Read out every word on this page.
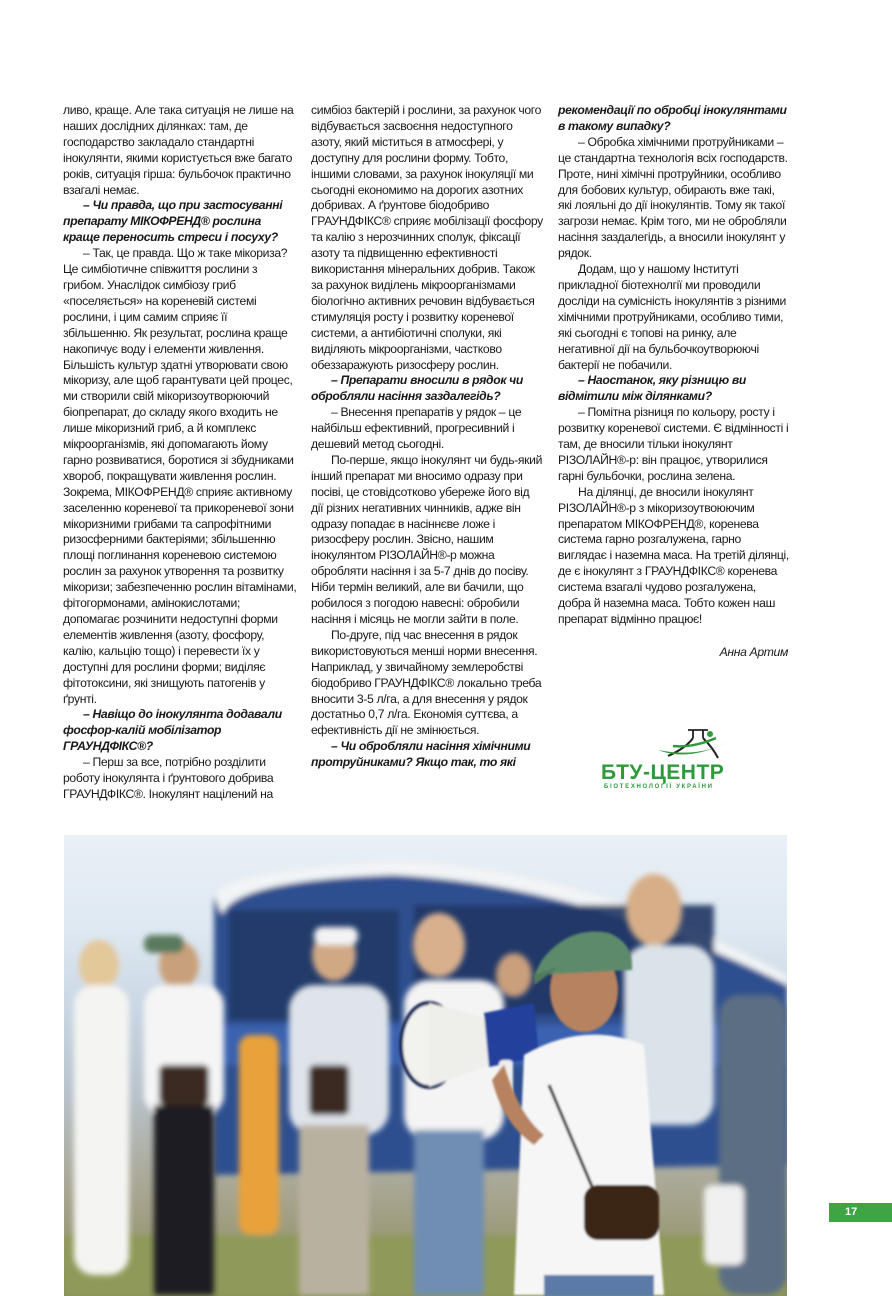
ливо, краще. Але така ситуація не лише на наших дослідних ділянках: там, де господарство закладало стандартні інокулянти, якими користується вже багато років, ситуація гірша: бульбочок практично взагалі немає.

– Чи правда, що при застосуванні препарату МІКОФРЕНД® рослина краще переносить стреси і посуху?

– Так, це правда. Що ж таке мікориза? Це симбіотичне співжиття рослини з грибом. Унаслідок симбіозу гриб «поселяється» на кореневій системі рослини, і цим самим сприяє її збільшенню. Як результат, рослина краще накопичує воду і елементи живлення. Більшість культур здатні утворювати свою мікоризу, але щоб гарантувати цей процес, ми створили свій мікоризоутворюючий біопрепарат, до складу якого входить не лише мікоризний гриб, а й комплекс мікроорганізмів, які допомагають йому гарно розвиватися, боротися зі збудниками хвороб, покращувати живлення рослин. Зокрема, МІКОФРЕНД® сприяє активному заселенню кореневої та прикореневої зони мікоризними грибами та сапрофітними ризосферними бактеріями; збільшенню площі поглинання кореневою системою рослин за рахунок утворення та розвитку мікоризи; забезпеченню рослин вітамінами, фітогормонами, амінокислотами; допомагає розчинити недоступні форми елементів живлення (азоту, фосфору, калію, кальцію тощо) і перевести їх у доступні для рослини форми; виділяє фітотоксини, які знищують патогенів у ґрунті.

– Навіщо до інокулянта додавали фосфор-калій мобілізатор ГРАУНДФІКС®?

– Перш за все, потрібно розділити роботу інокулянта і ґрунтового добрива ГРАУНДФІКС®. Інокулянт націлений на

симбіоз бактерій і рослини, за рахунок чого відбувається засвоєння недоступного азоту, який міститься в атмосфері, у доступну для рослини форму. Тобто, іншими словами, за рахунок інокуляції ми сьогодні економимо на дорогих азотних добривах. А ґрунтове біодобриво ГРАУНДФІКС® сприяє мобілізації фосфору та калію з нерозчинних сполук, фіксації азоту та підвищенню ефективності використання мінеральних добрив. Також за рахунок виділень мікроорганізмами біологічно активних речовин відбувається стимуляція росту і розвитку кореневої системи, а антибіотичні сполуки, які виділяють мікроорганізми, частково обеззаражують ризосферу рослин.

– Препарати вносили в рядок чи обробляли насіння заздалегідь?

– Внесення препаратів у рядок – це найбільш ефективний, прогресивний і дешевий метод сьогодні.

По-перше, якщо інокулянт чи будь-який інший препарат ми вносимо одразу при посіві, це стовідсотково убереже його від дії різних негативних чинників, адже він одразу попадає в насіннєве ложе і ризосферу рослин. Звісно, нашим інокулянтом РІЗОЛАЙН®-р можна обробляти насіння і за 5-7 днів до посіву. Ніби термін великий, але ви бачили, що робилося з погодою навесні: обробили насіння і місяць не могли зайти в поле.

По-друге, під час внесення в рядок використовуються менші норми внесення. Наприклад, у звичайному землеробстві біодобриво ГРАУНДФІКС® локально треба вносити 3-5 л/га, а для внесення у рядок достатньо 0,7 л/га. Економія суттєва, а ефективність дії не змінюється.

– Чи обробляли насіння хімічними протруйниками? Якщо так, то які

рекомендації по обробці інокулянтами в такому випадку?

– Обробка хімічними протруйниками – це стандартна технологія всіх господарств. Проте, нині хімічні протруйники, особливо для бобових культур, обирають вже такі, які лояльні до дії інокулянтів. Тому як такої загрози немає. Крім того, ми не обробляли насіння заздалегідь, а вносили інокулянт у рядок.

Додам, що у нашому Інституті прикладної біотехнолгії ми проводили досліди на сумісність інокулянтів з різними хімічними протруйниками, особливо тими, які сьогодні є топові на ринку, але негативної дії на бульбочкоутворюючі бактерії не побачили.

– Наостанок, яку різницю ви відмітили між ділянками?

– Помітна різниця по кольору, росту і розвитку кореневої системи. Є відмінності і там, де вносили тільки інокулянт РІЗОЛАЙН®-р: він працює, утворилися гарні бульбочки, рослина зелена.

На ділянці, де вносили інокулянт РІЗОЛАЙН®-р з мікоризоутвоюючим препаратом МІКОФРЕНД®, коренева система гарно розгалужена, гарно виглядає і наземна маса. На третій ділянці, де є інокулянт з ГРАУНДФІКС® коренева система взагалі чудово розгалужена, добра й наземна маса. Тобто кожен наш препарат відмінно працює!

Анна Артим

БТУ-ЦЕНТР
БІОТЕХНОЛОГІЇ УКРАЇНИ
17
